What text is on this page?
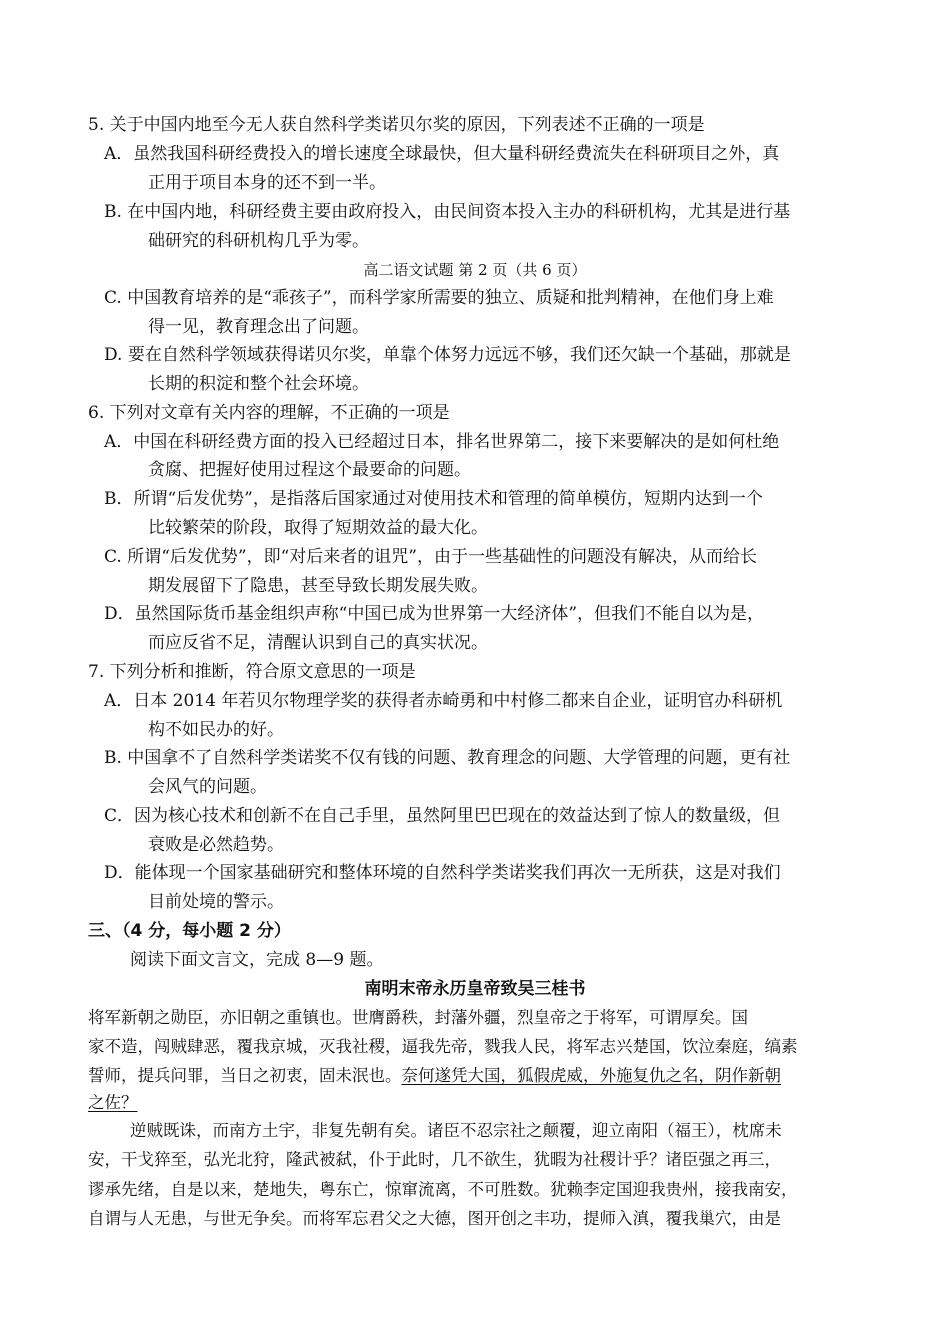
5. 关于中国内地至今无人获自然科学类诺贝尔奖的原因，下列表述不正确的一项是
A．虽然我国科研经费投入的增长速度全球最快，但大量科研经费流失在科研项目之外，真
正用于项目本身的还不到一半。
B. 在中国内地，科研经费主要由政府投入，由民间资本投入主办的科研机构，尤其是进行基
础研究的科研机构几乎为零。
高二语文试题 第 2 页（共 6 页）
C. 中国教育培养的是“乖孩子”，而科学家所需要的独立、质疑和批判精神，在他们身上难
得一见，教育理念出了问题。
D. 要在自然科学领域获得诺贝尔奖，单靠个体努力远远不够，我们还欠缺一个基础，那就是
长期的积淀和整个社会环境。
6. 下列对文章有关内容的理解，不正确的一项是
A．中国在科研经费方面的投入已经超过日本，排名世界第二，接下来要解决的是如何杜绝
贪腐、把握好使用过程这个最要命的问题。
B．所谓“后发优势”，是指落后国家通过对使用技术和管理的简单模仿，短期内达到一个
比较繁荣的阶段，取得了短期效益的最大化。
C. 所谓“后发优势”，即“对后来者的诅咒”，由于一些基础性的问题没有解决，从而给长
期发展留下了隐患，甚至导致长期发展失败。
D．虽然国际货币基金组织声称“中国已成为世界第一大经济体”，但我们不能自以为是，
而应反省不足，清醒认识到自己的真实状况。
7. 下列分析和推断，符合原文意思的一项是
A．日本 2014 年若贝尔物理学奖的获得者赤崎勇和中村修二都来自企业，证明官办科研机
构不如民办的好。
B. 中国拿不了自然科学类诺奖不仅有钱的问题、教育理念的问题、大学管理的问题，更有社
会风气的问题。
C．因为核心技术和创新不在自己手里，虽然阿里巴巴现在的效益达到了惊人的数量级，但
衰败是必然趋势。
D．能体现一个国家基础研究和整体环境的自然科学类诺奖我们再次一无所获，这是对我们
目前处境的警示。
三、（4 分，每小题 2 分）
阅读下面文言文，完成 8—9 题。
南明末帝永历皇帝致吴三桂书
将军新朝之勋臣，亦旧朝之重镇也。世膺爵秩，封藩外疆，烈皇帝之于将军，可谓厚矣。国
家不造，闯贼肆恶，覆我京城，灭我社稷，逼我先帝，戮我人民，将军志兴楚国，饮泣秦庭，缟素
誓师，提兵问罪，当日之初衷，固未泯也。奈何遂凭大国，狐假虎威，外施复仇之名，阴作新朝
之佐？
逆贼既诛，而南方土宇，非复先朝有矣。诸臣不忍宗社之颠覆，迎立南阳（福王），枕席未
安，干戈猝至，弘光北狩，隆武被弑，仆于此时，几不欲生，犹暇为社稷计乎？诸臣强之再三，
谬承先绪，自是以来，楚地失，粤东亡，惊窜流离，不可胜数。犹赖李定国迎我贵州，接我南安，
自谓与人无患，与世无争矣。而将军忘君父之大德，图开创之丰功，提师入滇，覆我巢穴，由是
